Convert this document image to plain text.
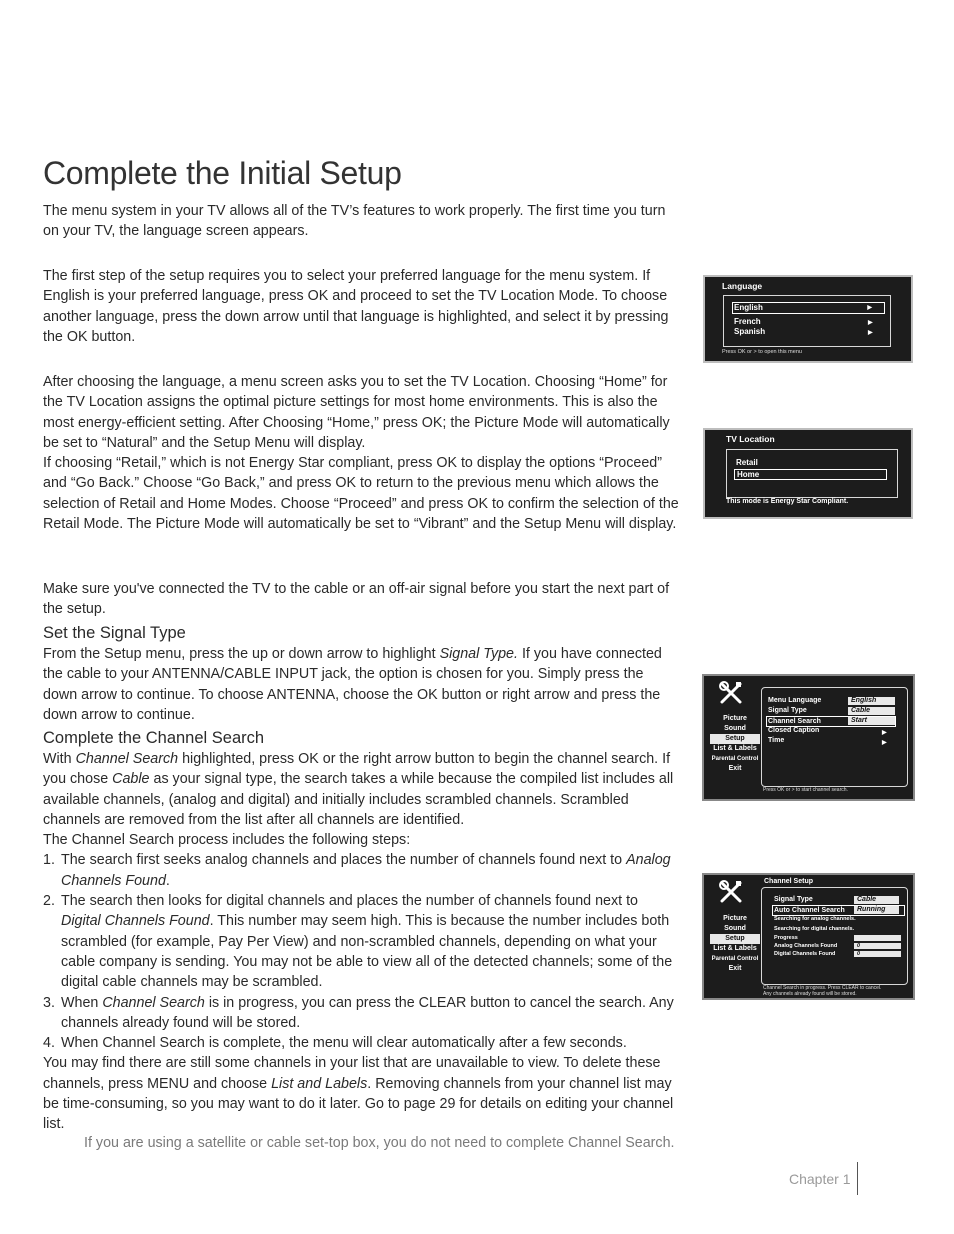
Complete the Initial Setup

The menu system in your TV allows all of the TV’s features to work properly. The first time you turn on your TV, the language screen appears.

The first step of the setup requires you to select your preferred language for the menu system. If English is your preferred language, press OK and proceed to set the TV Location Mode. To choose another language, press the down arrow until that language is highlighted, and select it by pressing the OK button.

After choosing the language, a menu screen asks you to set the TV Location. Choosing “Home” for the TV Location assigns the optimal picture settings for most home environments. This is also the most energy-efficient setting. After Choosing “Home,” press OK; the Picture Mode will automatically be set to “Natural” and the Setup Menu will display.

If choosing “Retail,” which is not Energy Star compliant, press OK to display the options “Proceed” and “Go Back.” Choose “Go Back,” and press OK to return to the previous menu which allows the selection of Retail and Home Modes. Choose “Proceed” and press OK to confirm the selection of the Retail Mode. The Picture Mode will automatically be set to “Vibrant” and the Setup Menu will display.

Make sure you've connected the TV to the cable or an off-air signal before you start the next part of the setup.

Set the Signal Type

From the Setup menu, press the up or down arrow to highlight Signal Type. If you have connected the cable to your ANTENNA/CABLE INPUT jack, the option is chosen for you. Simply press the down arrow to continue. To choose ANTENNA, choose the OK button or right arrow and press the down arrow to continue.

Complete the Channel Search

With Channel Search highlighted, press OK or the right arrow button to begin the channel search. If you chose Cable as your signal type, the search takes a while because the compiled list includes all available channels, (analog and digital) and initially includes scrambled channels. Scrambled channels are removed from the list after all channels are identified.

The Channel Search process includes the following steps:

1. The search first seeks analog channels and places the number of channels found next to Analog Channels Found.
2. The search then looks for digital channels and places the number of channels found next to Digital Channels Found. This number may seem high. This is because the number includes both scrambled (for example, Pay Per View) and non-scrambled channels, depending on what your cable company is sending. You may not be able to view all of the detected channels; some of the digital cable channels may be scrambled.
3. When Channel Search is in progress, you can press the CLEAR button to cancel the search. Any channels already found will be stored.
4. When Channel Search is complete, the menu will clear automatically after a few seconds.

You may find there are still some channels in your list that are unavailable to view. To delete these channels, press MENU and choose List and Labels. Removing channels from your channel list may be time-consuming, so you may want to do it later. Go to page 29 for details on editing your channel list.

If you are using a satellite or cable set-top box, you do not need to complete Channel Search.
Chapter 1
Language
English	▶
French	▶
Spanish	▶
Press OK or > to open this menu
TV Location
Retail
Home
This mode is Energy Star Compliant.
Picture
Sound
Setup
List & Labels
Parental Control
Exit
Menu Language	English
Signal Type	Cable
Channel Search	Start
Closed Caption	▶
Time	▶
Press OK or > to start channel search.
Channel Setup
Picture
Sound
Setup
List & Labels
Parental Control
Exit
Signal Type	Cable
Auto Channel Search	Running
Searching for analog channels.
Searching for digital channels.
Progress
Analog Channels Found	0
Digital Channels Found	0
Channel Search in progress. Press CLEAR to cancel.
Any channels already found will be stored.
